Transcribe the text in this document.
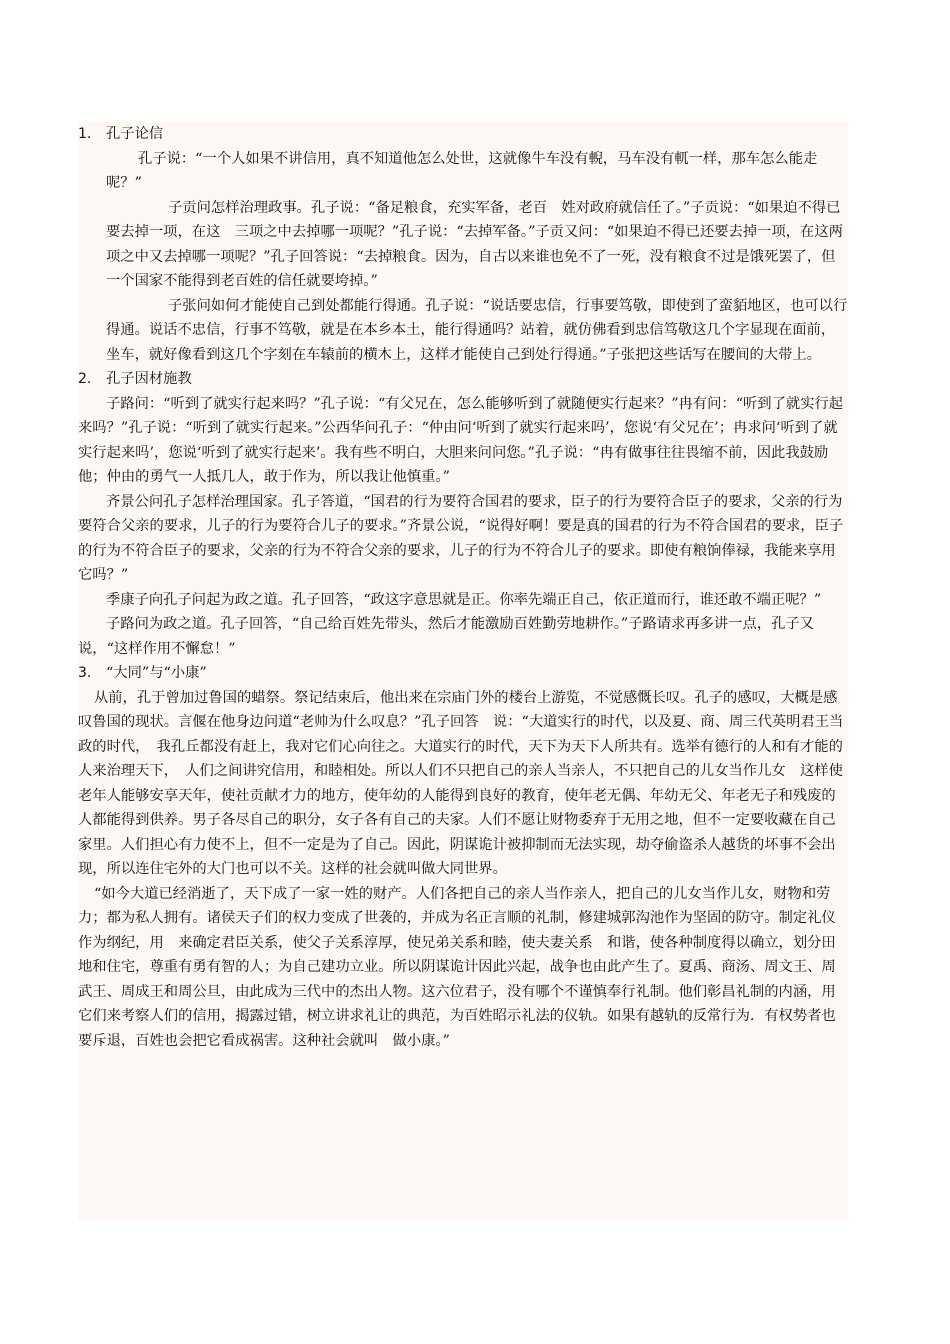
1. 孔子论信

孔子说：“一个人如果不讲信用，真不知道他怎么处世，这就像牛车没有輗，马车没有軏一样，那车怎么能走呢？”

子贡问怎样治理政事。孔子说：“备足粮食，充实军备，老百　姓对政府就信任了。”子贡说：“如果迫不得已要去掉一项，在这　三项之中去掉哪一项呢？”孔子说：“去掉军备。”子贡又问：“如果迫不得已还要去掉一项，在这两项之中又去掉哪一项呢？”孔子回答说：“去掉粮食。因为，自古以来谁也免不了一死，没有粮食不过是饿死罢了，但一个国家不能得到老百姓的信任就要垮掉。”

子张问如何才能使自己到处都能行得通。孔子说：“说话要忠信，行事要笃敬，即使到了蛮貊地区，也可以行得通。说话不忠信，行事不笃敬，就是在本乡本土，能行得通吗？站着，就仿佛看到忠信笃敬这几个字显现在面前，坐车，就好像看到这几个字刻在车辕前的横木上，这样才能使自己到处行得通。”子张把这些话写在腰间的大带上。

2. 孔子因材施教

子路问：“听到了就实行起来吗？”孔子说：“有父兄在，怎么能够听到了就随便实行起来？”冉有问：“听到了就实行起来吗？”孔子说：“听到了就实行起来。”公西华问孔子：“仲由问‘听到了就实行起来吗’，您说‘有父兄在’；冉求问‘听到了就实行起来吗’，您说‘听到了就实行起来’。我有些不明白，大胆来问问您。”孔子说：“冉有做事往往畏缩不前，因此我鼓励他；仲由的勇气一人抵几人，敢于作为，所以我让他慎重。”

齐景公问孔子怎样治理国家。孔子答道，“国君的行为要符合国君的要求，臣子的行为要符合臣子的要求，父亲的行为要符合父亲的要求，儿子的行为要符合儿子的要求。”齐景公说，“说得好啊！要是真的国君的行为不符合国君的要求，臣子的行为不符合臣子的要求，父亲的行为不符合父亲的要求，儿子的行为不符合儿子的要求。即使有粮饷俸禄，我能来享用它吗？”

季康子向孔子问起为政之道。孔子回答，“政这字意思就是正。你率先端正自己，依正道而行，谁还敢不端正呢？”

子路问为政之道。孔子回答，“自己给百姓先带头，然后才能激励百姓勤劳地耕作。”子路请求再多讲一点，孔子又说，“这样作用不懈怠！”

3. “大同”与“小康”

从前，孔于曾加过鲁国的蜡祭。祭记结束后，他出来在宗庙门外的楼台上游览，不觉感慨长叹。孔子的感叹，大概是感叹鲁国的现状。言偃在他身边问道“老帅为什么叹息？”孔子回答　说：“大道实行的时代，以及夏、商、周三代英明君王当政的时代，　我孔丘都没有赶上，我对它们心向往之。大道实行的时代，天下为天下人所共有。选举有德行的人和有才能的人来治理天下，　人们之间讲究信用，和睦相处。所以人们不只把自己的亲人当亲人，不只把自己的儿女当作儿女　这样使老年人能够安享天年，使社贡献才力的地方，使年幼的人能得到良好的教育，使年老无偶、年幼无父、年老无子和残废的人都能得到供养。男子各尽自己的职分，女子各有自己的夫家。人们不愿让财物委弃于无用之地，但不一定要收藏在自己家里。人们担心有力使不上，但不一定是为了自己。因此，阴谋诡计被抑制而无法实现，劫夺偷盗杀人越货的坏事不会出现，所以连住宅外的大门也可以不关。这样的社会就叫做大同世界。

“如今大道已经消逝了，天下成了一家一姓的财产。人们各把自己的亲人当作亲人，把自己的儿女当作儿女，财物和劳力；都为私人拥有。诸侯天子们的权力变成了世袭的，并成为名正言顺的礼制，修建城郭沟池作为坚固的防守。制定礼仪作为纲纪，用　来确定君臣关系，使父子关系淳厚，使兄弟关系和睦，使夫妻关系　和谐，使各种制度得以确立，划分田地和住宅，尊重有勇有智的人；为自己建功立业。所以阴谋诡计因此兴起，战争也由此产生了。夏禹、商汤、周文王、周武王、周成王和周公旦，由此成为三代中的杰出人物。这六位君子，没有哪个不谨慎奉行礼制。他们彰昌礼制的内涵，用它们来考察人们的信用，揭露过错，树立讲求礼让的典范，为百姓昭示礼法的仪轨。如果有越轨的反常行为．有权势者也要斥退，百姓也会把它看成祸害。这种社会就叫　做小康。”
